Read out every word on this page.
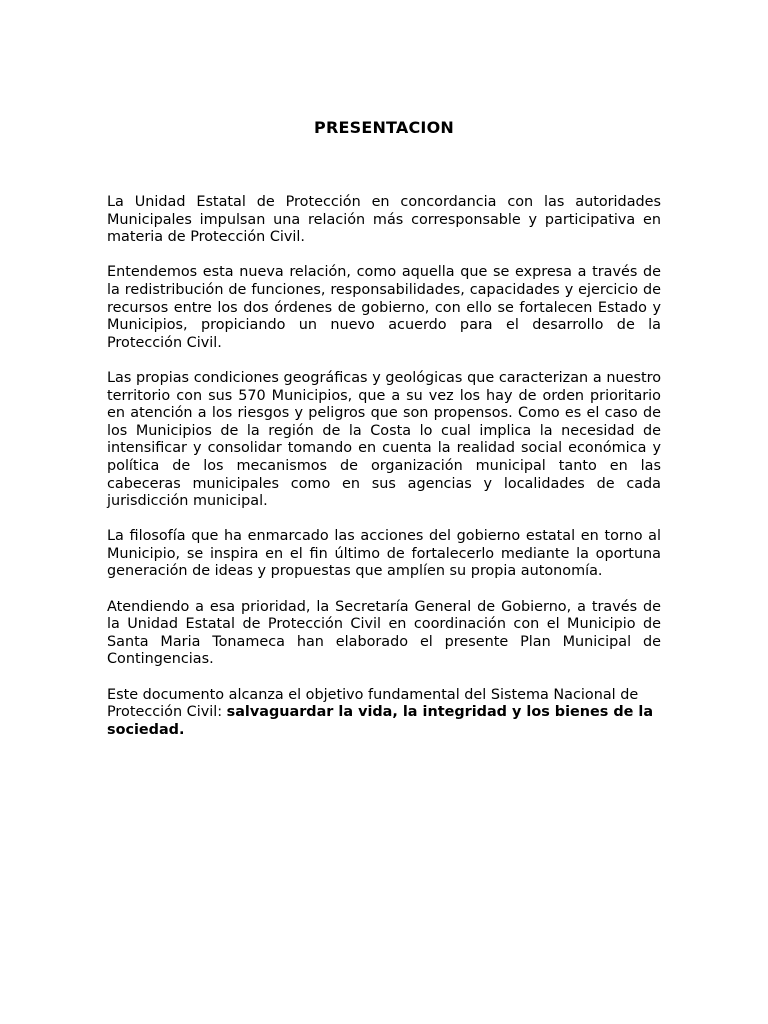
PRESENTACION

La Unidad Estatal de Protección en concordancia con las autoridades Municipales impulsan una relación más corresponsable y participativa en materia de Protección Civil.

Entendemos esta nueva relación, como aquella que se expresa a través de la redistribución de funciones, responsabilidades, capacidades y ejercicio de recursos entre los dos órdenes de gobierno, con ello se fortalecen Estado y Municipios, propiciando un nuevo acuerdo para el desarrollo de la Protección Civil.

Las propias condiciones geográficas y geológicas que caracterizan a nuestro territorio con sus 570 Municipios, que a su vez los hay de orden prioritario en atención a los riesgos y peligros que son propensos. Como es el caso de los Municipios de la región de la Costa lo cual implica la necesidad de intensificar y consolidar tomando en cuenta la realidad social económica y política de los mecanismos de organización municipal tanto en las cabeceras municipales como en sus agencias y localidades de cada jurisdicción municipal.

La filosofía que ha enmarcado las acciones del gobierno estatal en torno al Municipio, se inspira en el fin último de fortalecerlo mediante la oportuna generación de ideas y propuestas que amplíen su propia autonomía.

Atendiendo a esa prioridad, la Secretaría General de Gobierno, a través de la Unidad Estatal de Protección Civil en coordinación con el Municipio de Santa Maria Tonameca han elaborado el presente Plan Municipal de Contingencias.

Este documento alcanza el objetivo fundamental del Sistema Nacional de Protección Civil: salvaguardar la vida, la integridad y los bienes de la sociedad.
